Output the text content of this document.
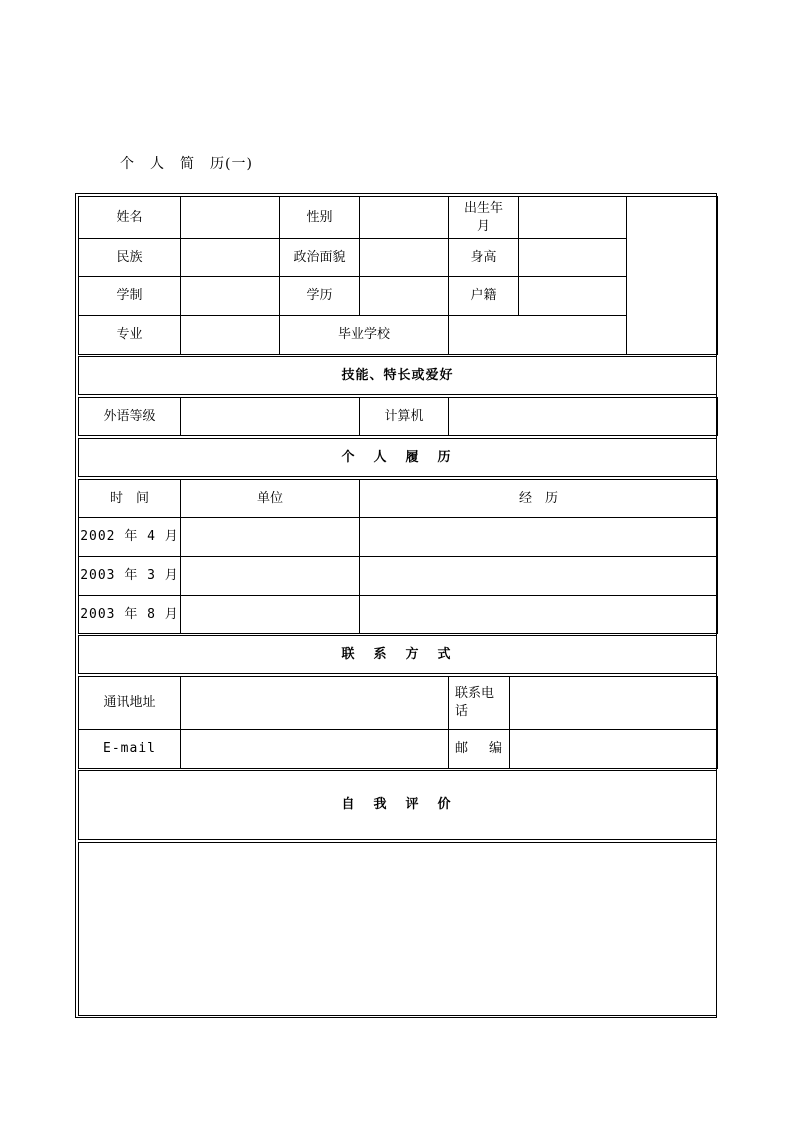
个　人　简　历(一)
姓名		性别		出生年月		
民族		政治面貌		身高		
学制		学历		户籍		
专业		毕业学校				
技能、特长或爱好
外语等级		计算机	
个　人　履　历
时　间	单位	经　历
2002 年 4 月		
2003 年 3 月		
2003 年 8 月		
联　系　方　式
通讯地址		联系电话	
E-mail		邮　编	
自　我　评　价
